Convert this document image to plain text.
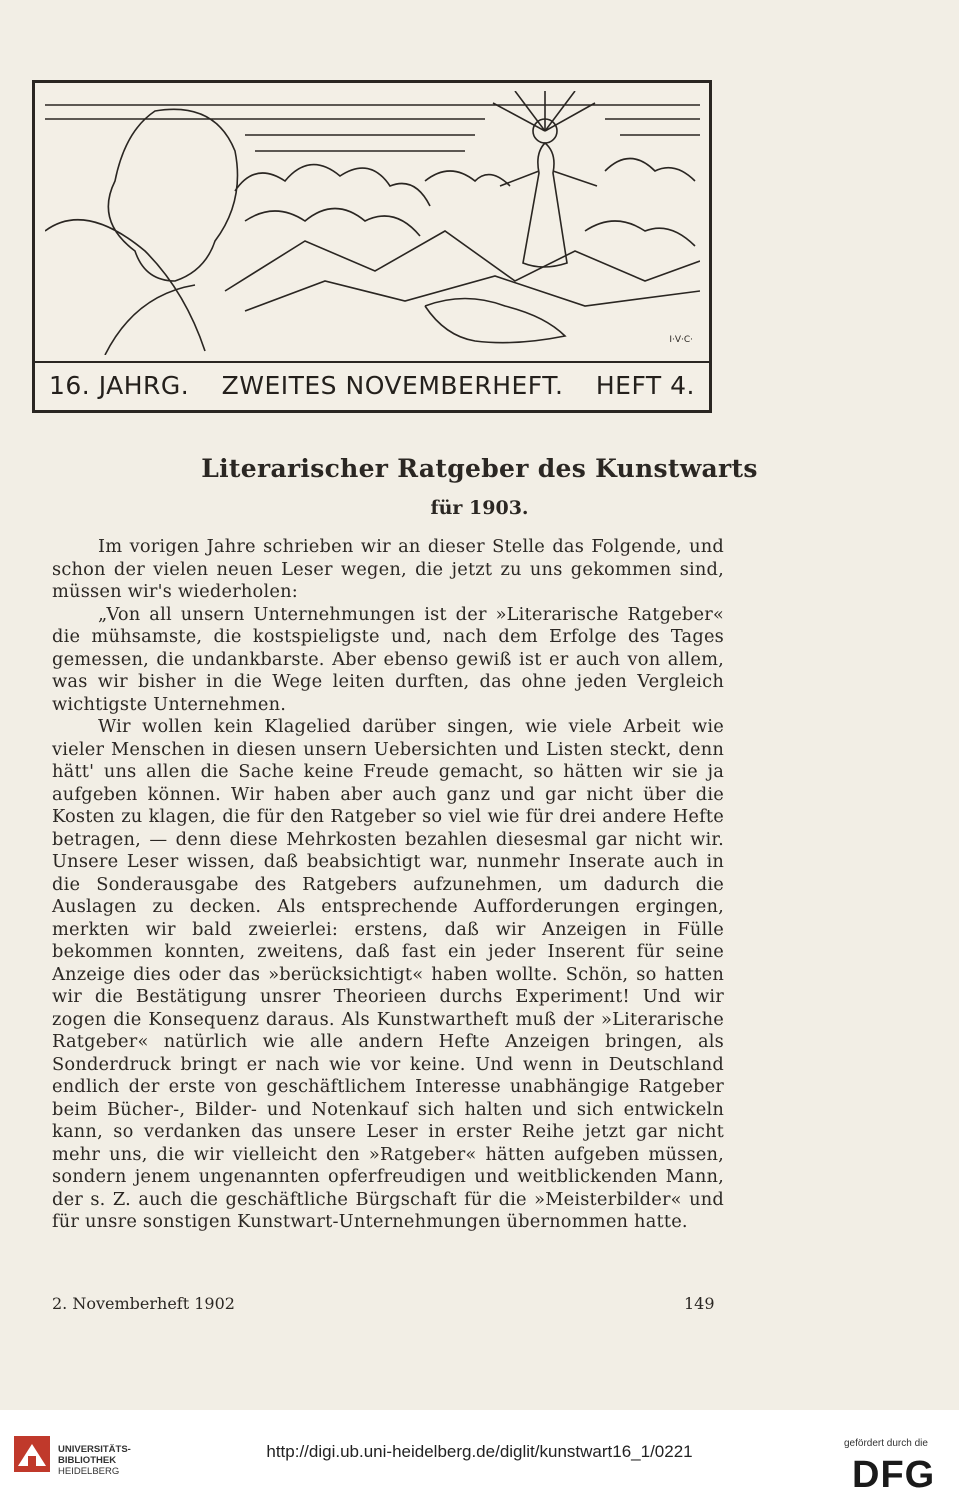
I·V·C·
16. JAHRG. ZWEITES NOVEMBERHEFT. HEFT 4.
Literarischer Ratgeber des Kunstwarts
für 1903.

Im vorigen Jahre schrieben wir an dieser Stelle das Folgende, und schon der vielen neuen Leser wegen, die jetzt zu uns gekommen sind, müssen wir's wiederholen:

„Von all unsern Unternehmungen ist der »Literarische Ratgeber« die mühsamste, die kostspieligste und, nach dem Erfolge des Tages gemessen, die undankbarste. Aber ebenso gewiß ist er auch von allem, was wir bisher in die Wege leiten durften, das ohne jeden Vergleich wichtigste Unternehmen.

Wir wollen kein Klagelied darüber singen, wie viele Arbeit wie vieler Menschen in diesen unsern Uebersichten und Listen steckt, denn hätt' uns allen die Sache keine Freude gemacht, so hätten wir sie ja aufgeben können. Wir haben aber auch ganz und gar nicht über die Kosten zu klagen, die für den Ratgeber so viel wie für drei andere Hefte betragen, — denn diese Mehrkosten bezahlen diesesmal gar nicht wir. Unsere Leser wissen, daß beabsichtigt war, nunmehr Inserate auch in die Sonderausgabe des Ratgebers aufzunehmen, um dadurch die Auslagen zu decken. Als entsprechende Aufforderungen ergingen, merkten wir bald zweierlei: erstens, daß wir Anzeigen in Fülle bekommen konnten, zweitens, daß fast ein jeder Inserent für seine Anzeige dies oder das »berücksichtigt« haben wollte. Schön, so hatten wir die Bestätigung unsrer Theorieen durchs Experiment! Und wir zogen die Konsequenz daraus. Als Kunstwartheft muß der »Literarische Ratgeber« natürlich wie alle andern Hefte Anzeigen bringen, als Sonderdruck bringt er nach wie vor keine. Und wenn in Deutschland endlich der erste von geschäftlichem Interesse unabhängige Ratgeber beim Bücher-, Bilder- und Notenkauf sich halten und sich entwickeln kann, so verdanken das unsere Leser in erster Reihe jetzt gar nicht mehr uns, die wir vielleicht den »Ratgeber« hätten aufgeben müssen, sondern jenem ungenannten opferfreudigen und weitblickenden Mann, der s. Z. auch die geschäftliche Bürgschaft für die »Meisterbilder« und für unsre sonstigen Kunstwart-Unternehmungen übernommen hatte.

2. Novemberheft 1902	149
UNIVERSITÄTS-
BIBLIOTHEK
HEIDELBERG
http://digi.ub.uni-heidelberg.de/diglit/kunstwart16_1/0221	gefördert durch die
DFG
